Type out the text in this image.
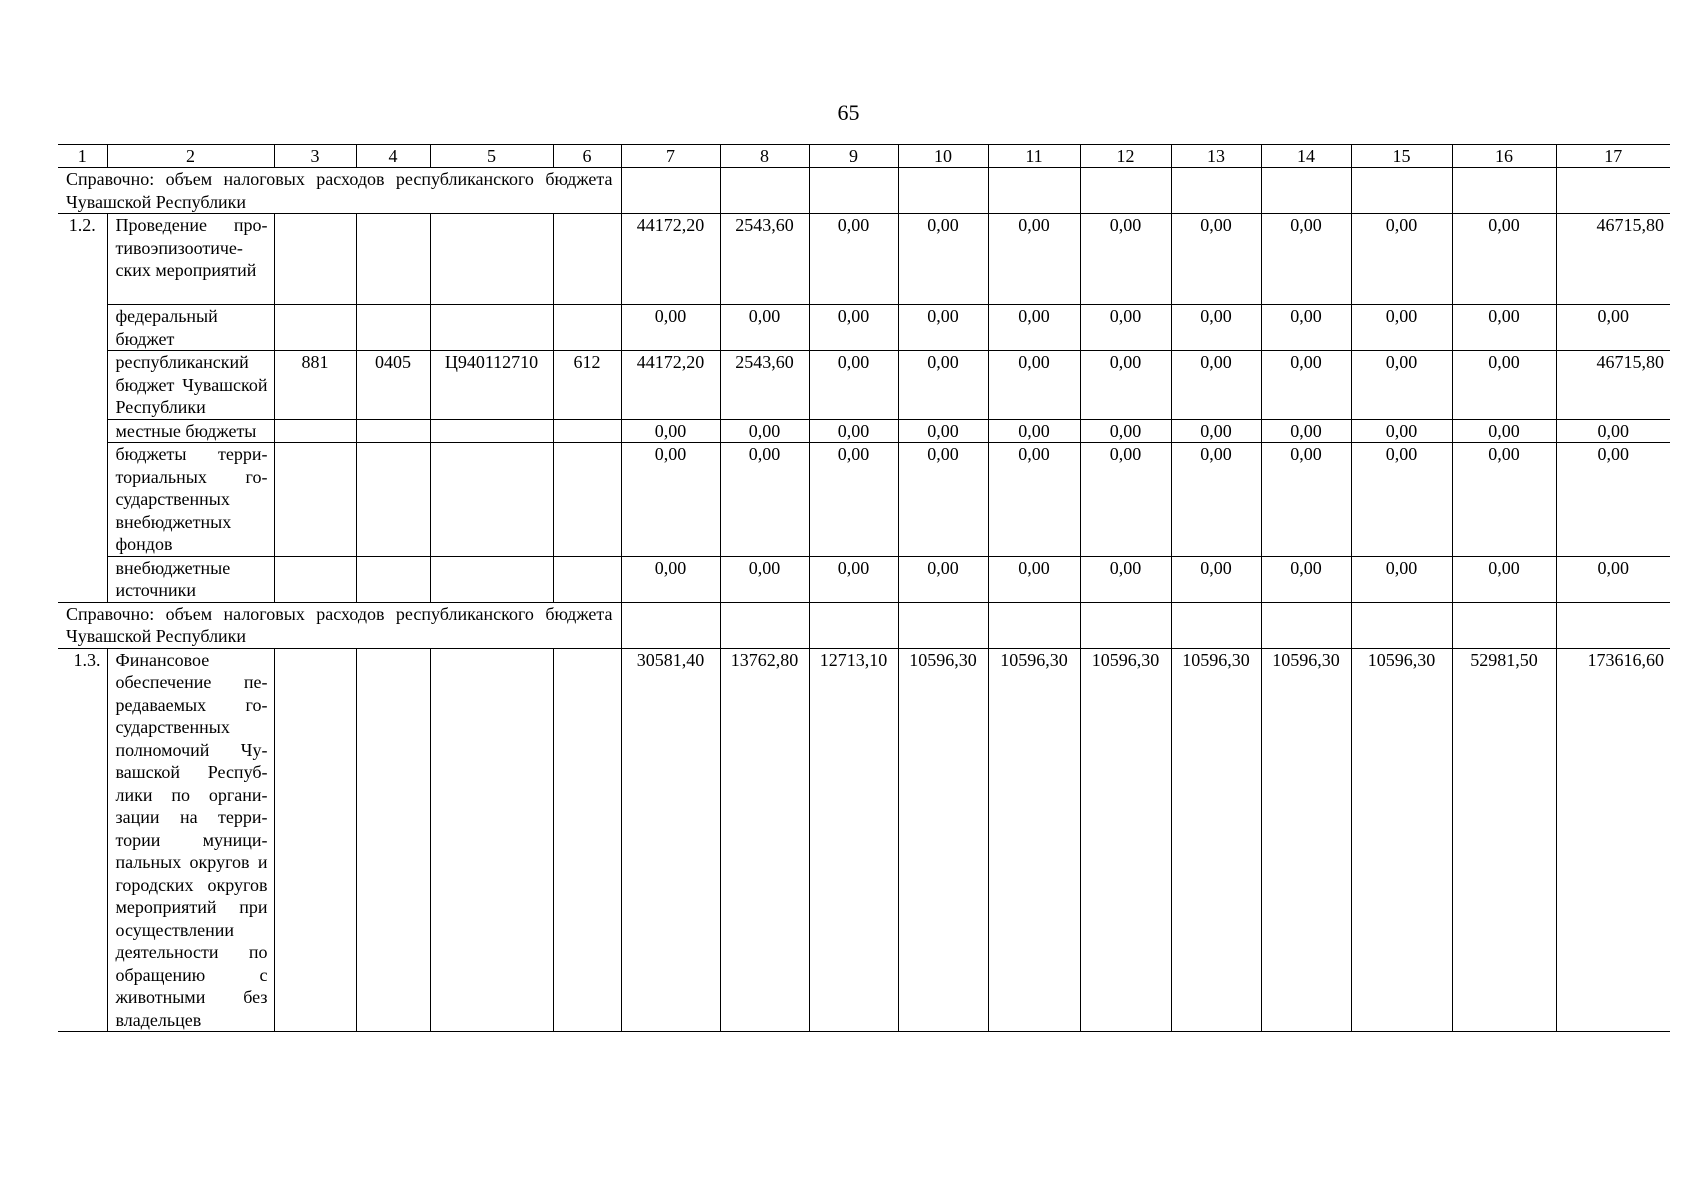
65
1	2	3	4	5	6	7	8	9	10	11	12	13	14	15	16	17
Справочно: объем налоговых расходов республиканского бюджета Чувашской Республики																
1.2.	Проведение противоэпизоотических мероприятий					44172,20	2543,60	0,00	0,00	0,00	0,00	0,00	0,00	0,00	0,00	46715,80
	федеральный бюджет					0,00	0,00	0,00	0,00	0,00	0,00	0,00	0,00	0,00	0,00	0,00
	республиканский бюджет Чувашской Республики	881	0405	Ц940112710	612	44172,20	2543,60	0,00	0,00	0,00	0,00	0,00	0,00	0,00	0,00	46715,80
	местные бюджеты					0,00	0,00	0,00	0,00	0,00	0,00	0,00	0,00	0,00	0,00	0,00
	бюджеты территориальных государственных внебюджетных фондов					0,00	0,00	0,00	0,00	0,00	0,00	0,00	0,00	0,00	0,00	0,00
	внебюджетные источники					0,00	0,00	0,00	0,00	0,00	0,00	0,00	0,00	0,00	0,00	0,00
Справочно: объем налоговых расходов республиканского бюджета Чувашской Республики																
1.3.	Финансовое обеспечение передаваемых государственных полномочий Чувашской Республики по организации на территории муниципальных округов и городских округов мероприятий при осуществлении деятельности по обращению с животными без владельцев					30581,40	13762,80	12713,10	10596,30	10596,30	10596,30	10596,30	10596,30	10596,30	52981,50	173616,60
